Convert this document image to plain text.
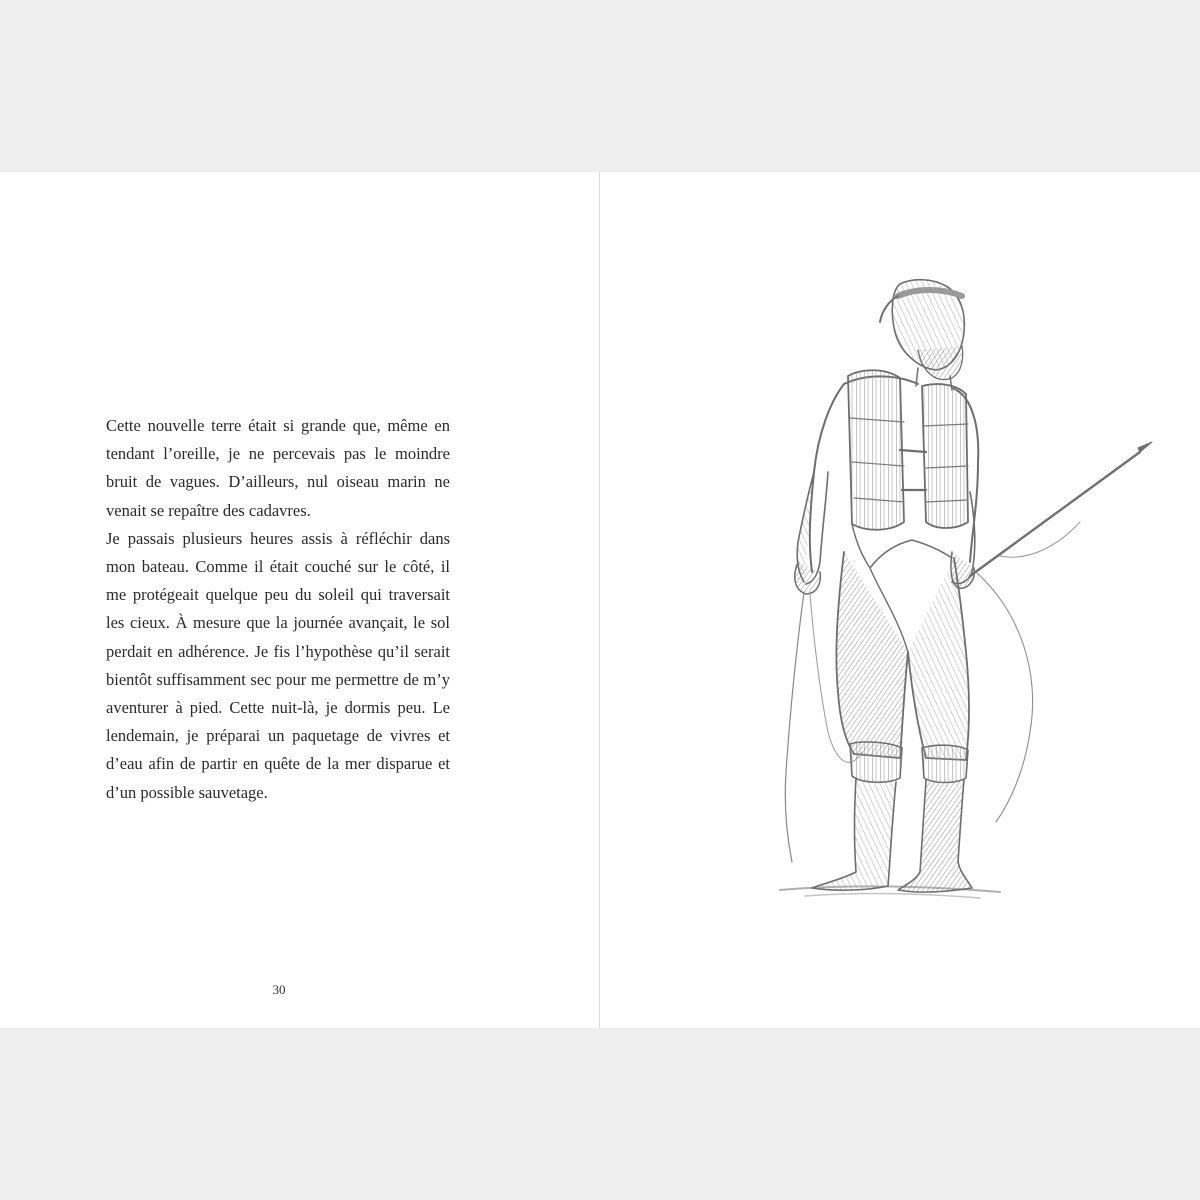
Cette nouvelle terre était si grande que, même en tendant l’oreille, je ne percevais pas le moindre bruit de vagues. D’ailleurs, nul oiseau marin ne venait se repaître des cadavres.

Je passais plusieurs heures assis à réfléchir dans mon bateau. Comme il était couché sur le côté, il me protégeait quelque peu du soleil qui traversait les cieux. À mesure que la journée avançait, le sol perdait en adhérence. Je fis l’hypothèse qu’il serait bientôt suffisamment sec pour me permettre de m’y aventurer à pied. Cette nuit-là, je dormis peu. Le lendemain, je préparai un paquetage de vivres et d’eau afin de partir en quête de la mer disparue et d’un possible sauvetage.

30
